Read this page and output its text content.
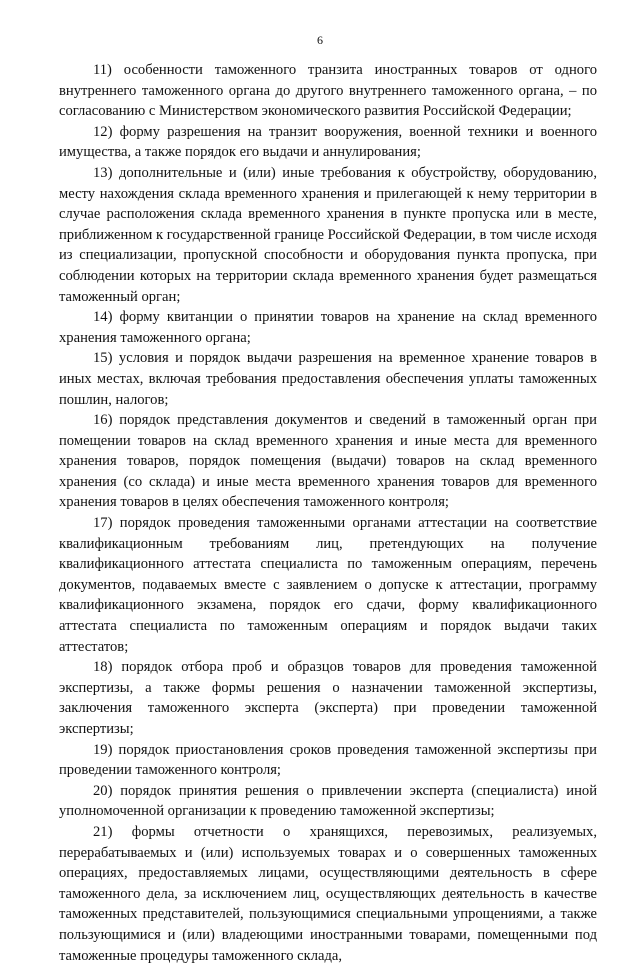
6

11) особенности таможенного транзита иностранных товаров от одного внутреннего таможенного органа до другого внутреннего таможенного органа, – по согласованию с Министерством экономического развития Российской Федерации;

12) форму разрешения на транзит вооружения, военной техники и военного имущества, а также порядок его выдачи и аннулирования;

13) дополнительные и (или) иные требования к обустройству, оборудованию, месту нахождения склада временного хранения и прилегающей к нему территории в случае расположения склада временного хранения в пункте пропуска или в месте, приближенном к государственной границе Российской Федерации, в том числе исходя из специализации, пропускной способности и оборудования пункта пропуска, при соблюдении которых на территории склада временного хранения будет размещаться таможенный орган;

14) форму квитанции о принятии товаров на хранение на склад временного хранения таможенного органа;

15) условия и порядок выдачи разрешения на временное хранение товаров в иных местах, включая требования предоставления обеспечения уплаты таможенных пошлин, налогов;

16) порядок представления документов и сведений в таможенный орган при помещении товаров на склад временного хранения и иные места для временного хранения товаров, порядок помещения (выдачи) товаров на склад временного хранения (со склада) и иные места временного хранения товаров для временного хранения товаров в целях обеспечения таможенного контроля;

17) порядок проведения таможенными органами аттестации на соответствие квалификационным требованиям лиц, претендующих на получение квалификационного аттестата специалиста по таможенным операциям, перечень документов, подаваемых вместе с заявлением о допуске к аттестации, программу квалификационного экзамена, порядок его сдачи, форму квалификационного аттестата специалиста по таможенным операциям и порядок выдачи таких аттестатов;

18) порядок отбора проб и образцов товаров для проведения таможенной экспертизы, а также формы решения о назначении таможенной экспертизы, заключения таможенного эксперта (эксперта) при проведении таможенной экспертизы;

19) порядок приостановления сроков проведения таможенной экспертизы при проведении таможенного контроля;

20) порядок принятия решения о привлечении эксперта (специалиста) иной уполномоченной организации к проведению таможенной экспертизы;

21) формы отчетности о хранящихся, перевозимых, реализуемых, перерабатываемых и (или) используемых товарах и о совершенных таможенных операциях, предоставляемых лицами, осуществляющими деятельность в сфере таможенного дела, за исключением лиц, осуществляющих деятельность в качестве таможенных представителей, пользующимися специальными упрощениями, а также пользующимися и (или) владеющими иностранными товарами, помещенными под таможенные процедуры таможенного склада,
